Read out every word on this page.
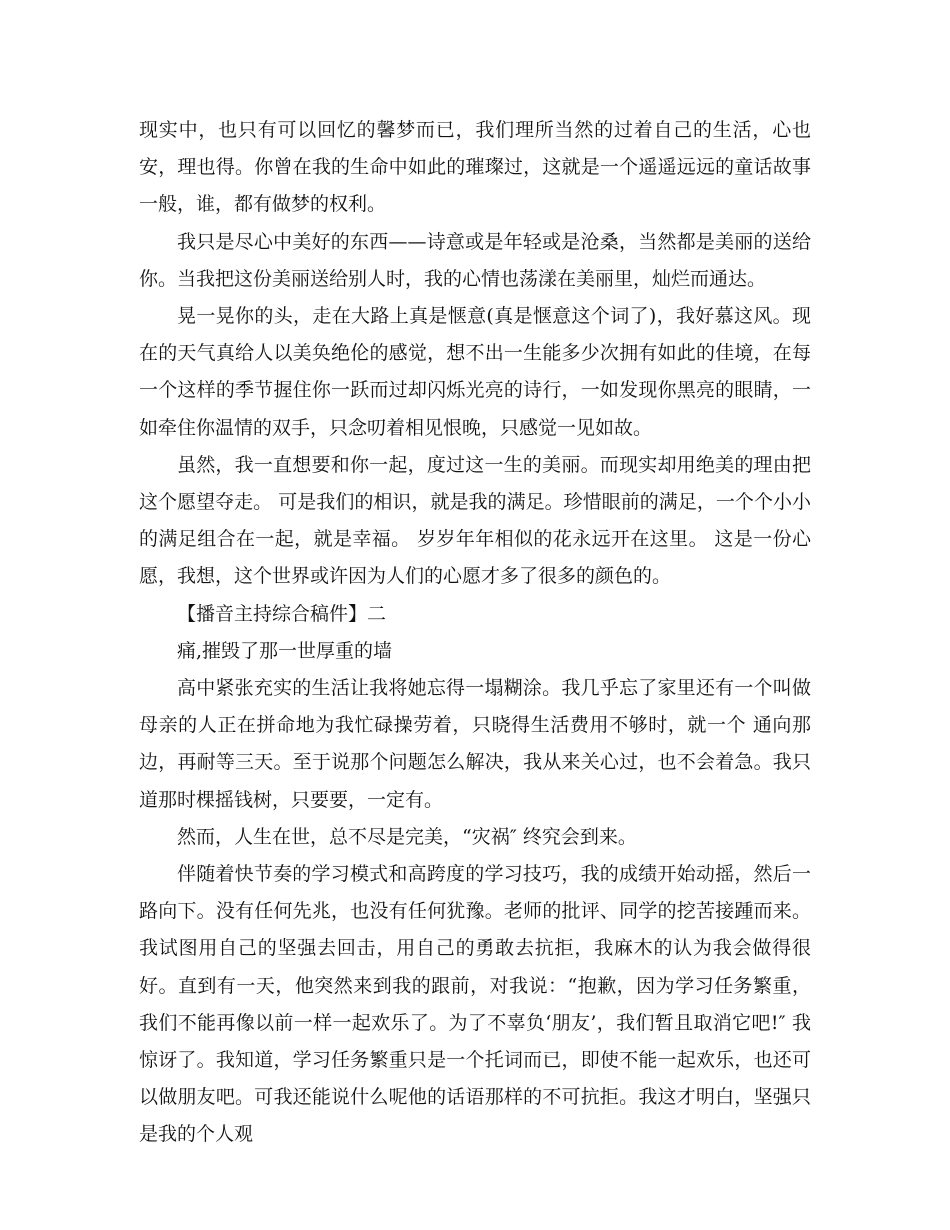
现实中，也只有可以回忆的馨梦而已，我们理所当然的过着自己的生活，心也安，理也得。你曾在我的生命中如此的璀璨过，这就是一个遥遥远远的童话故事一般，谁，都有做梦的权利。

我只是尽心中美好的东西——诗意或是年轻或是沧桑，当然都是美丽的送给你。当我把这份美丽送给别人时，我的心情也荡漾在美丽里，灿烂而通达。

晃一晃你的头，走在大路上真是惬意(真是惬意这个词了)，我好慕这风。现在的天气真给人以美奂绝伦的感觉，想不出一生能多少次拥有如此的佳境，在每一个这样的季节握住你一跃而过却闪烁光亮的诗行，一如发现你黑亮的眼睛，一如牵住你温情的双手，只念叨着相见恨晚，只感觉一见如故。

虽然，我一直想要和你一起，度过这一生的美丽。而现实却用绝美的理由把这个愿望夺走。 可是我们的相识，就是我的满足。珍惜眼前的满足，一个个小小的满足组合在一起，就是幸福。 岁岁年年相似的花永远开在这里。 这是一份心愿，我想，这个世界或许因为人们的心愿才多了很多的颜色的。

【播音主持综合稿件】二

痛,摧毁了那一世厚重的墙

高中紧张充实的生活让我将她忘得一塌糊涂。我几乎忘了家里还有一个叫做母亲的人正在拼命地为我忙碌操劳着，只晓得生活费用不够时，就一个 通向那边，再耐等三天。至于说那个问题怎么解决，我从来关心过，也不会着急。我只道那时棵摇钱树，只要要，一定有。

然而，人生在世，总不尽是完美，“灾祸″ 终究会到来。

伴随着快节奏的学习模式和高跨度的学习技巧，我的成绩开始动摇，然后一路向下。没有任何先兆，也没有任何犹豫。老师的批评、同学的挖苦接踵而来。我试图用自己的坚强去回击，用自己的勇敢去抗拒，我麻木的认为我会做得很好。直到有一天，他突然来到我的跟前，对我说：“抱歉，因为学习任务繁重，我们不能再像以前一样一起欢乐了。为了不辜负‘朋友’，我们暂且取消它吧!″ 我惊讶了。我知道，学习任务繁重只是一个托词而已，即使不能一起欢乐，也还可以做朋友吧。可我还能说什么呢他的话语那样的不可抗拒。我这才明白，坚强只是我的个人观
